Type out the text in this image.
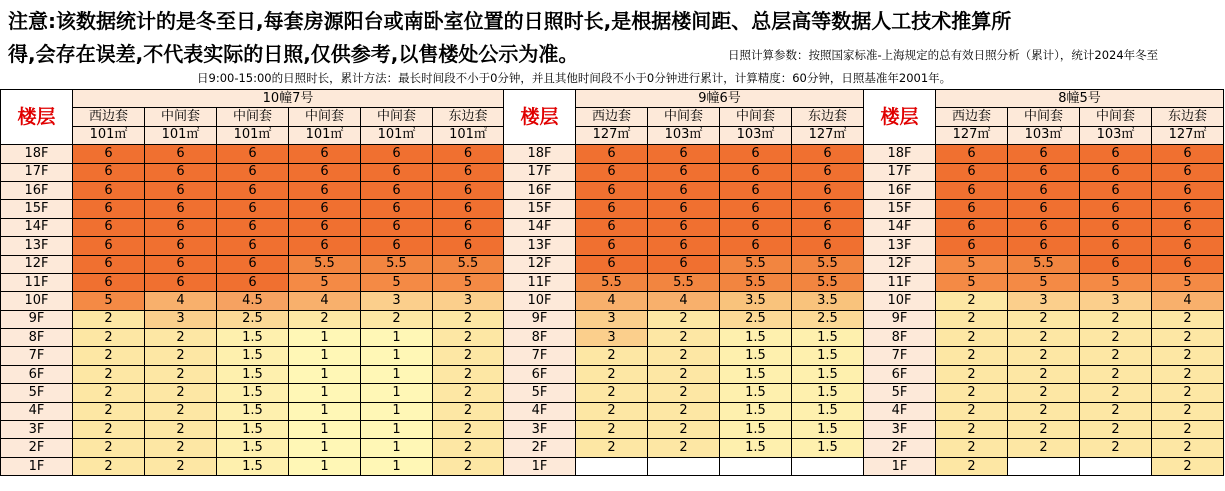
注意:该数据统计的是冬至日,每套房源阳台或南卧室位置的日照时长,是根据楼间距、总层高等数据人工技术推算所
得,会存在误差,不代表实际的日照,仅供参考,以售楼处公示为准。	日照计算参数：按照国家标准-上海规定的总有效日照分析（累计），统计2024年冬至
日9:00-15:00的日照时长，累计方法：最长时间段不小于0分钟，并且其他时间段不小于0分钟进行累计，计算精度：60分钟，日照基准年2001年。
楼层	10幢7号						楼层	9幢6号				楼层	8幢5号			
	西边套	中间套	中间套	中间套	中间套	东边套		西边套	中间套	中间套	东边套		西边套	中间套	中间套	东边套
	101㎡	101㎡	101㎡	101㎡	101㎡	101㎡		127㎡	103㎡	103㎡	127㎡		127㎡	103㎡	103㎡	127㎡
18F	6	6	6	6	6	6	18F	6	6	6	6	18F	6	6	6	6
17F	6	6	6	6	6	6	17F	6	6	6	6	17F	6	6	6	6
16F	6	6	6	6	6	6	16F	6	6	6	6	16F	6	6	6	6
15F	6	6	6	6	6	6	15F	6	6	6	6	15F	6	6	6	6
14F	6	6	6	6	6	6	14F	6	6	6	6	14F	6	6	6	6
13F	6	6	6	6	6	6	13F	6	6	6	6	13F	6	6	6	6
12F	6	6	6	5.5	5.5	5.5	12F	6	6	5.5	5.5	12F	5	5.5	6	6
11F	6	6	6	5	5	5	11F	5.5	5.5	5.5	5.5	11F	5	5	5	5
10F	5	4	4.5	4	3	3	10F	4	4	3.5	3.5	10F	2	3	3	4
9F	2	3	2.5	2	2	2	9F	3	2	2.5	2.5	9F	2	2	2	2
8F	2	2	1.5	1	1	2	8F	3	2	1.5	1.5	8F	2	2	2	2
7F	2	2	1.5	1	1	2	7F	2	2	1.5	1.5	7F	2	2	2	2
6F	2	2	1.5	1	1	2	6F	2	2	1.5	1.5	6F	2	2	2	2
5F	2	2	1.5	1	1	2	5F	2	2	1.5	1.5	5F	2	2	2	2
4F	2	2	1.5	1	1	2	4F	2	2	1.5	1.5	4F	2	2	2	2
3F	2	2	1.5	1	1	2	3F	2	2	1.5	1.5	3F	2	2	2	2
2F	2	2	1.5	1	1	2	2F	2	2	1.5	1.5	2F	2	2	2	2
1F	2	2	1.5	1	1	2	1F					1F	2			2
